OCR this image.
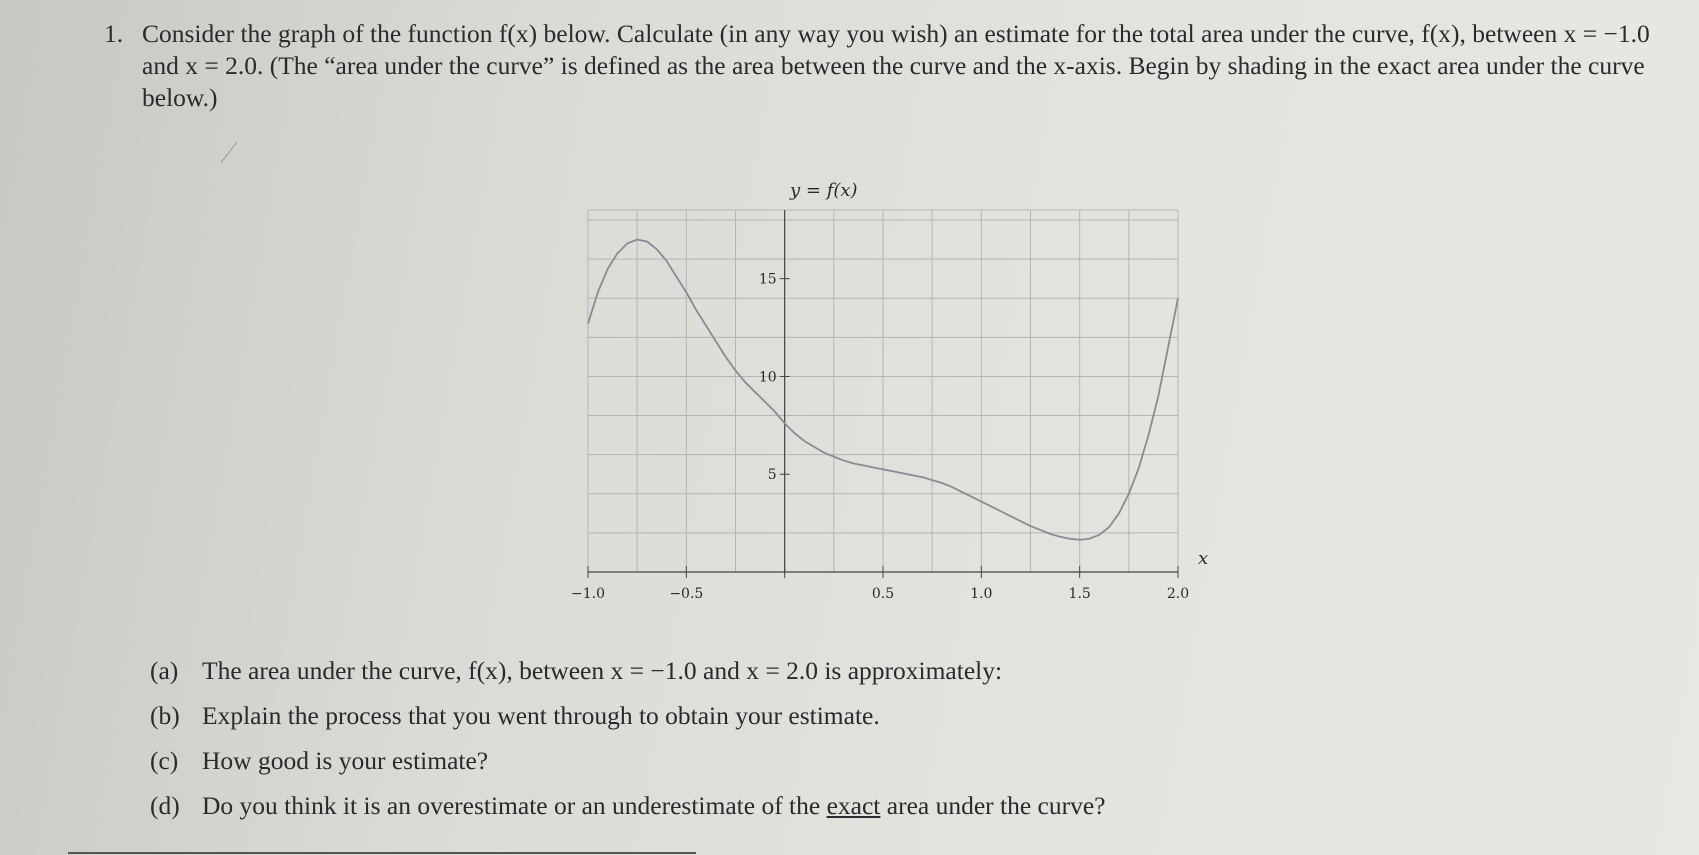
1. Consider the graph of the function f(x) below. Calculate (in any way you wish) an estimate for the total area under the curve, f(x), between x = −1.0 and x = 2.0. (The “area under the curve” is defined as the area between the curve and the x-axis. Begin by shading in the exact area under the curve below.)
y = f(x)
−1.0	−0.5	0.5	1.0	1.5	2.0
5
10
15
x
(a) The area under the curve, f(x), between x = −1.0 and x = 2.0 is approximately:
(b) Explain the process that you went through to obtain your estimate.
(c) How good is your estimate?
(d) Do you think it is an overestimate or an underestimate of the exact area under the curve?
